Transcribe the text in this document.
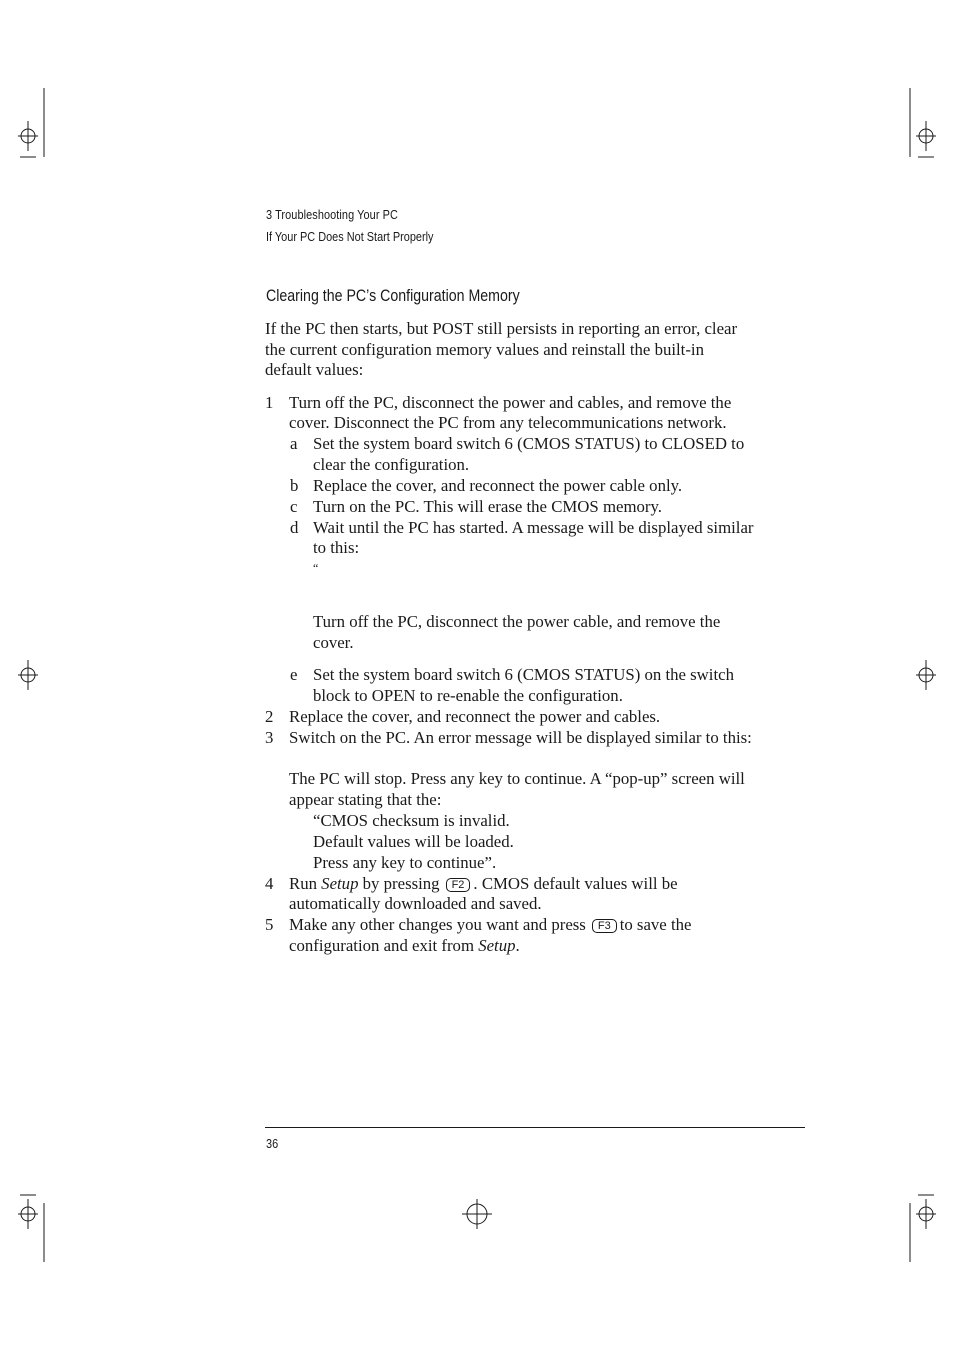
3 Troubleshooting Your PC
If Your PC Does Not Start Properly
Clearing the PC’s Configuration Memory
If the PC then starts, but POST still persists in reporting an error, clear
the current configuration memory values and reinstall the built-in
default values:
1 Turn off the PC, disconnect the power and cables, and remove the
cover. Disconnect the PC from any telecommunications network.
a Set the system board switch 6 (CMOS STATUS) to CLOSED to
clear the configuration.
b Replace the cover, and reconnect the power cable only.
c Turn on the PC. This will erase the CMOS memory.
d Wait until the PC has started. A message will be displayed similar
to this:
“
Turn off the PC, disconnect the power cable, and remove the
cover.
e Set the system board switch 6 (CMOS STATUS) on the switch
block to OPEN to re-enable the configuration.
2 Replace the cover, and reconnect the power and cables.
3 Switch on the PC. An error message will be displayed similar to this:
The PC will stop. Press any key to continue. A “pop-up” screen will
appear stating that the:
“CMOS checksum is invalid.
Default values will be loaded.
Press any key to continue”.
4 Run Setup by pressing F2 . CMOS default values will be
automatically downloaded and saved.
5 Make any other changes you want and press F3 to save the
configuration and exit from Setup.
36
